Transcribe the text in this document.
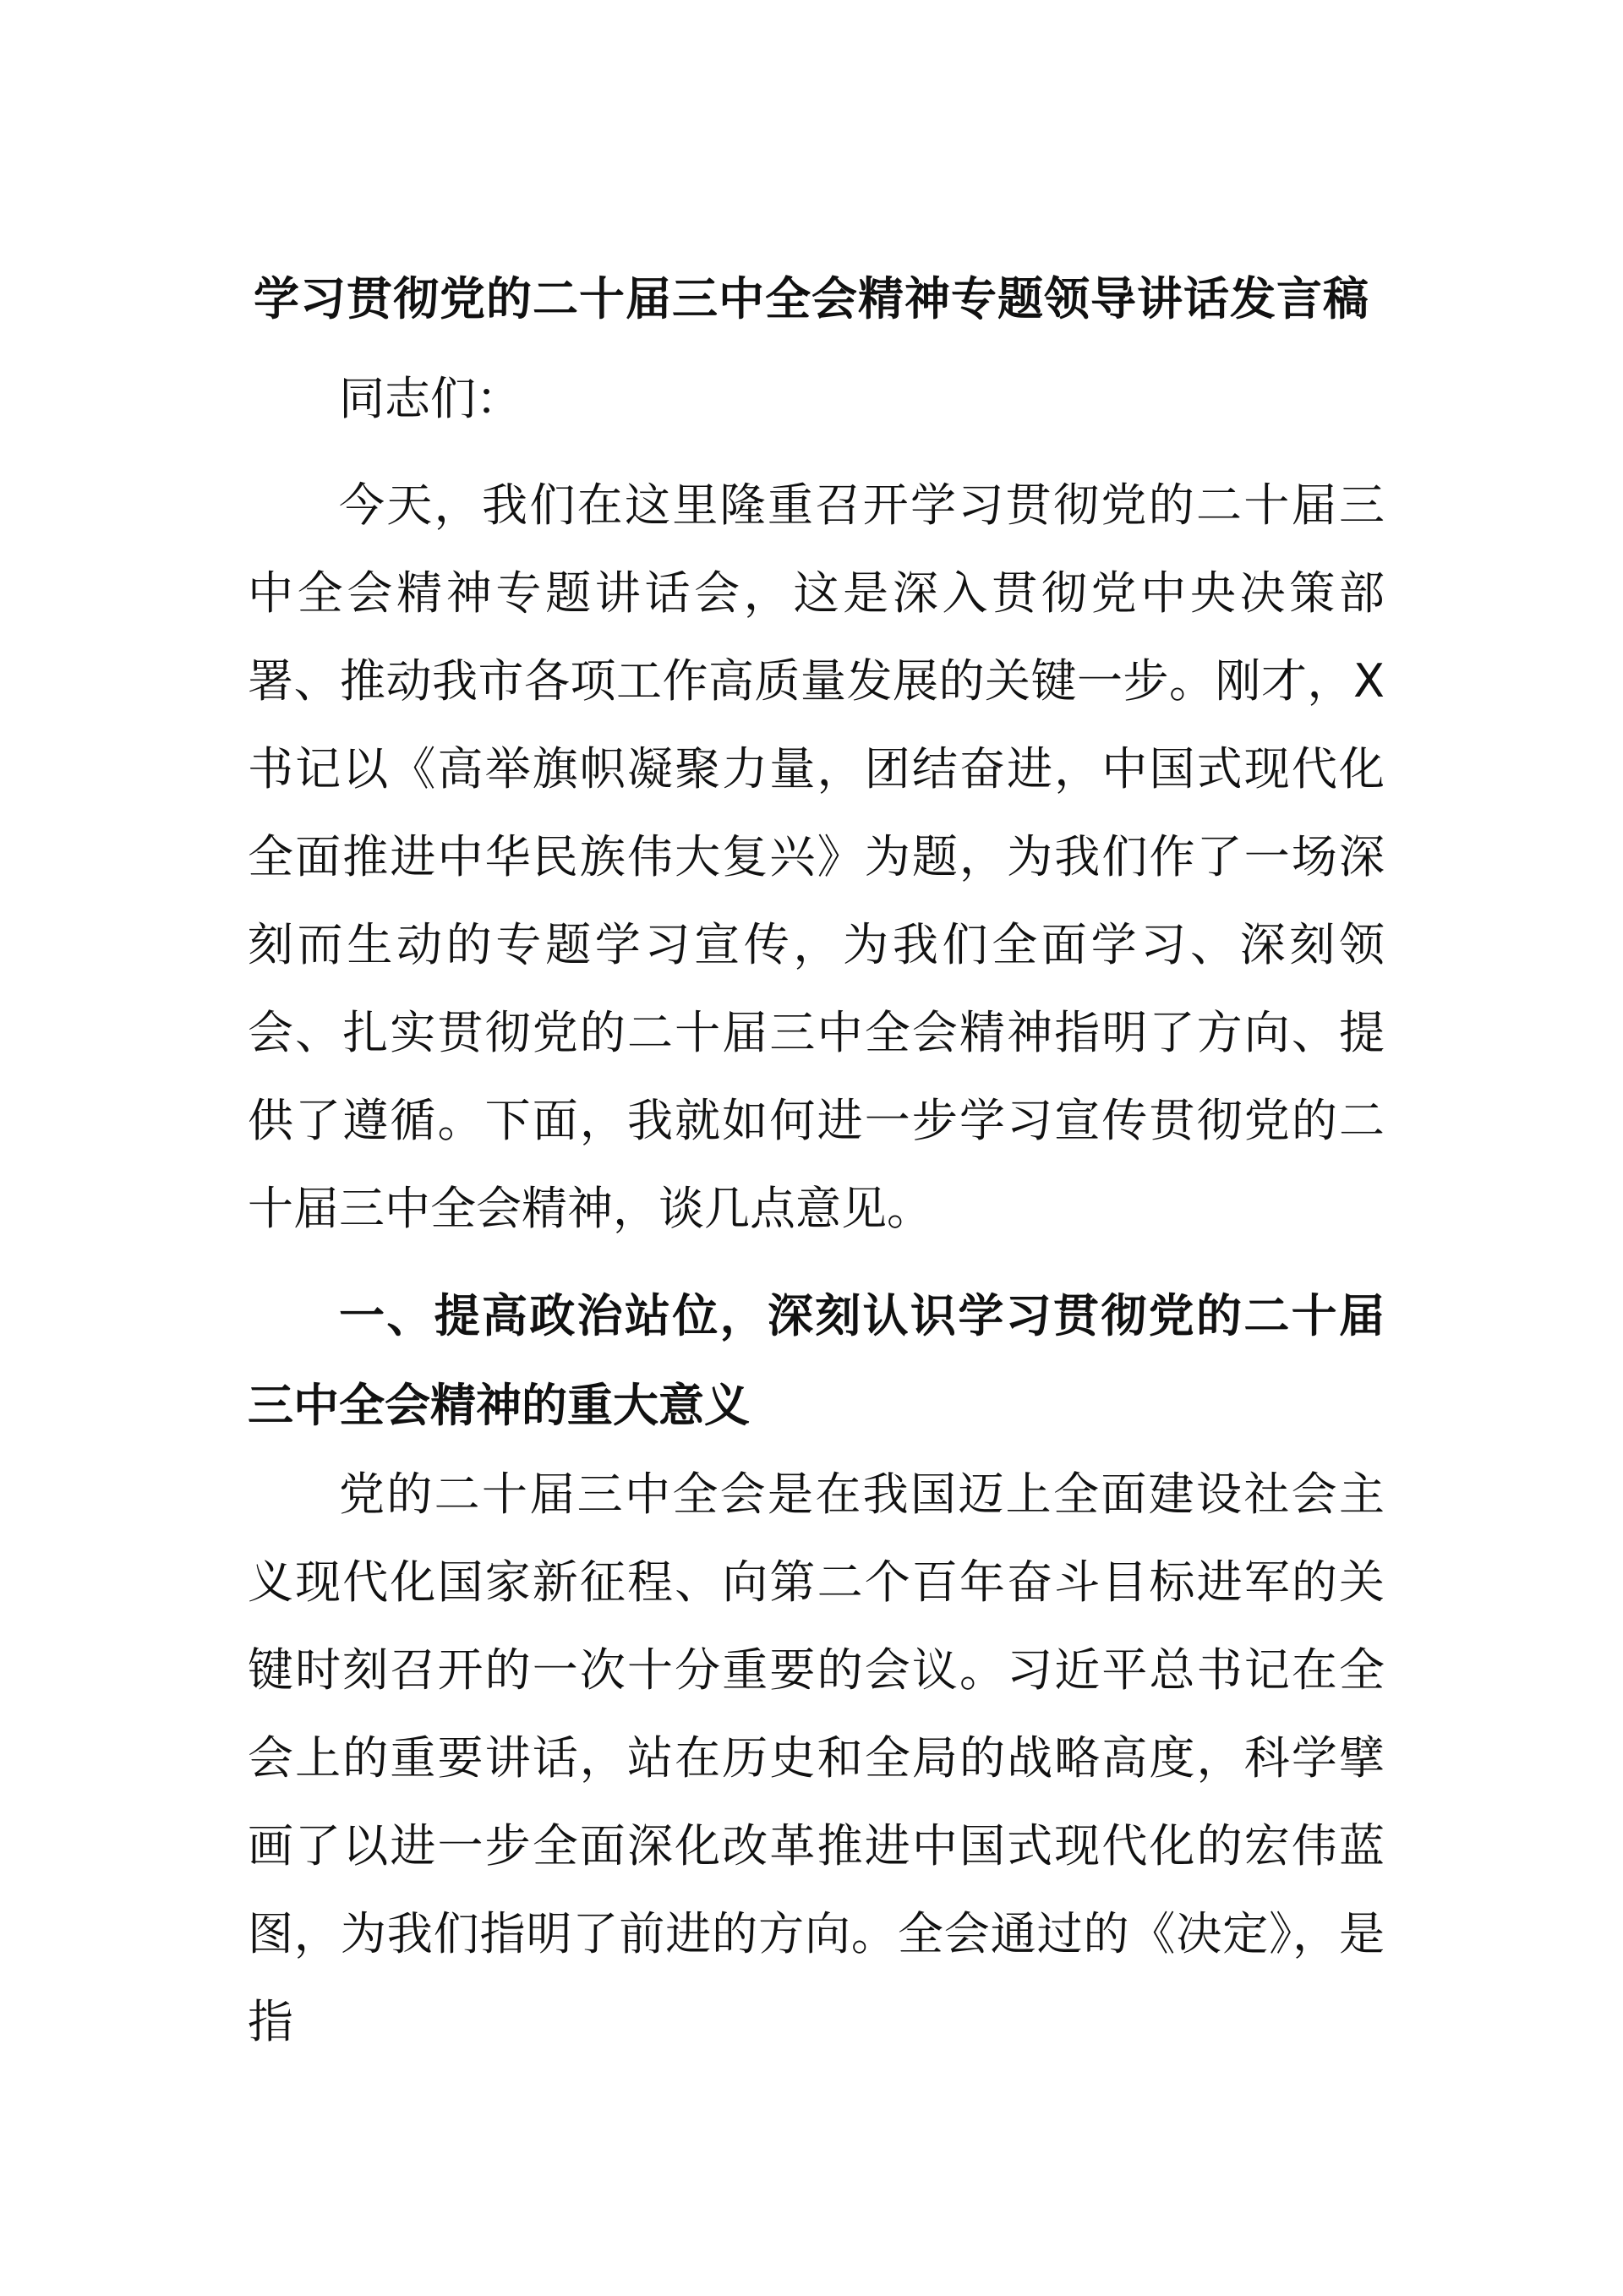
学习贯彻党的二十届三中全会精神专题领导讲话发言稿

同志们：

今天，我们在这里隆重召开学习贯彻党的二十届三中全会精神专题讲话会，这是深入贯彻党中央决策部署、推动我市各项工作高质量发展的关键一步。刚才，X书记以《高举旗帜凝聚力量，团结奋进，中国式现代化全面推进中华民族伟大复兴》为题，为我们作了一场深刻而生动的专题学习宣传，为我们全面学习、深刻领会、扎实贯彻党的二十届三中全会精神指明了方向、提供了遵循。下面，我就如何进一步学习宣传贯彻党的二十届三中全会精神，谈几点意见。

一、提高政治站位，深刻认识学习贯彻党的二十届三中全会精神的重大意义

党的二十届三中全会是在我国迈上全面建设社会主义现代化国家新征程、向第二个百年奋斗目标进军的关键时刻召开的一次十分重要的会议。习近平总书记在全会上的重要讲话，站在历史和全局的战略高度，科学擘画了以进一步全面深化改革推进中国式现代化的宏伟蓝图，为我们指明了前进的方向。全会通过的《决定》，是指
